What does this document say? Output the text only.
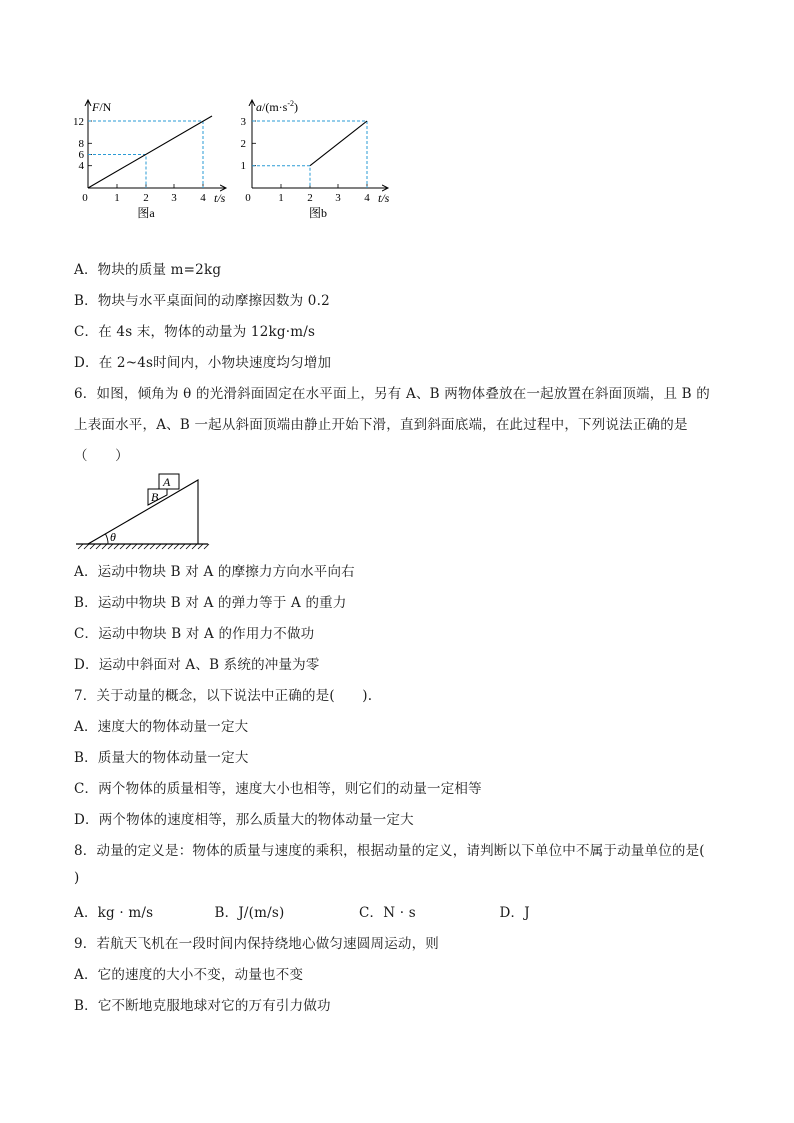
F/N
t/s
12
8
6
4
0 1 2 3 4
图a
$a/(m\cdot s^{-2})$
t/s
3
2
1
0	1 2 3 4
图b
A．物块的质量 m=2kg
B．物块与水平桌面间的动摩擦因数为 0.2
C．在 4s 末，物体的动量为 12kg·m/s
D．在 2~4s时间内，小物块速度均匀增加
6．如图，倾角为 θ 的光滑斜面固定在水平面上，另有 A、B 两物体叠放在一起放置在斜面顶端，且 B 的
上表面水平，A、B 一起从斜面顶端由静止开始下滑，直到斜面底端，在此过程中，下列说法正确的是
（　　）
θ
B
A
A．运动中物块 B 对 A 的摩擦力方向水平向右
B．运动中物块 B 对 A 的弹力等于 A 的重力
C．运动中物块 B 对 A 的作用力不做功
D．运动中斜面对 A、B 系统的冲量为零
7．关于动量的概念，以下说法中正确的是(　　).
A．速度大的物体动量一定大
B．质量大的物体动量一定大
C．两个物体的质量相等，速度大小也相等，则它们的动量一定相等
D．两个物体的速度相等，那么质量大的物体动量一定大
8．动量的定义是：物体的质量与速度的乘积，根据动量的定义，请判断以下单位中不属于动量单位的是(
)
A．kg · m/s	B．J/(m/s)	C．N · s	D．J
9．若航天飞机在一段时间内保持绕地心做匀速圆周运动，则
A．它的速度的大小不变，动量也不变
B．它不断地克服地球对它的万有引力做功
